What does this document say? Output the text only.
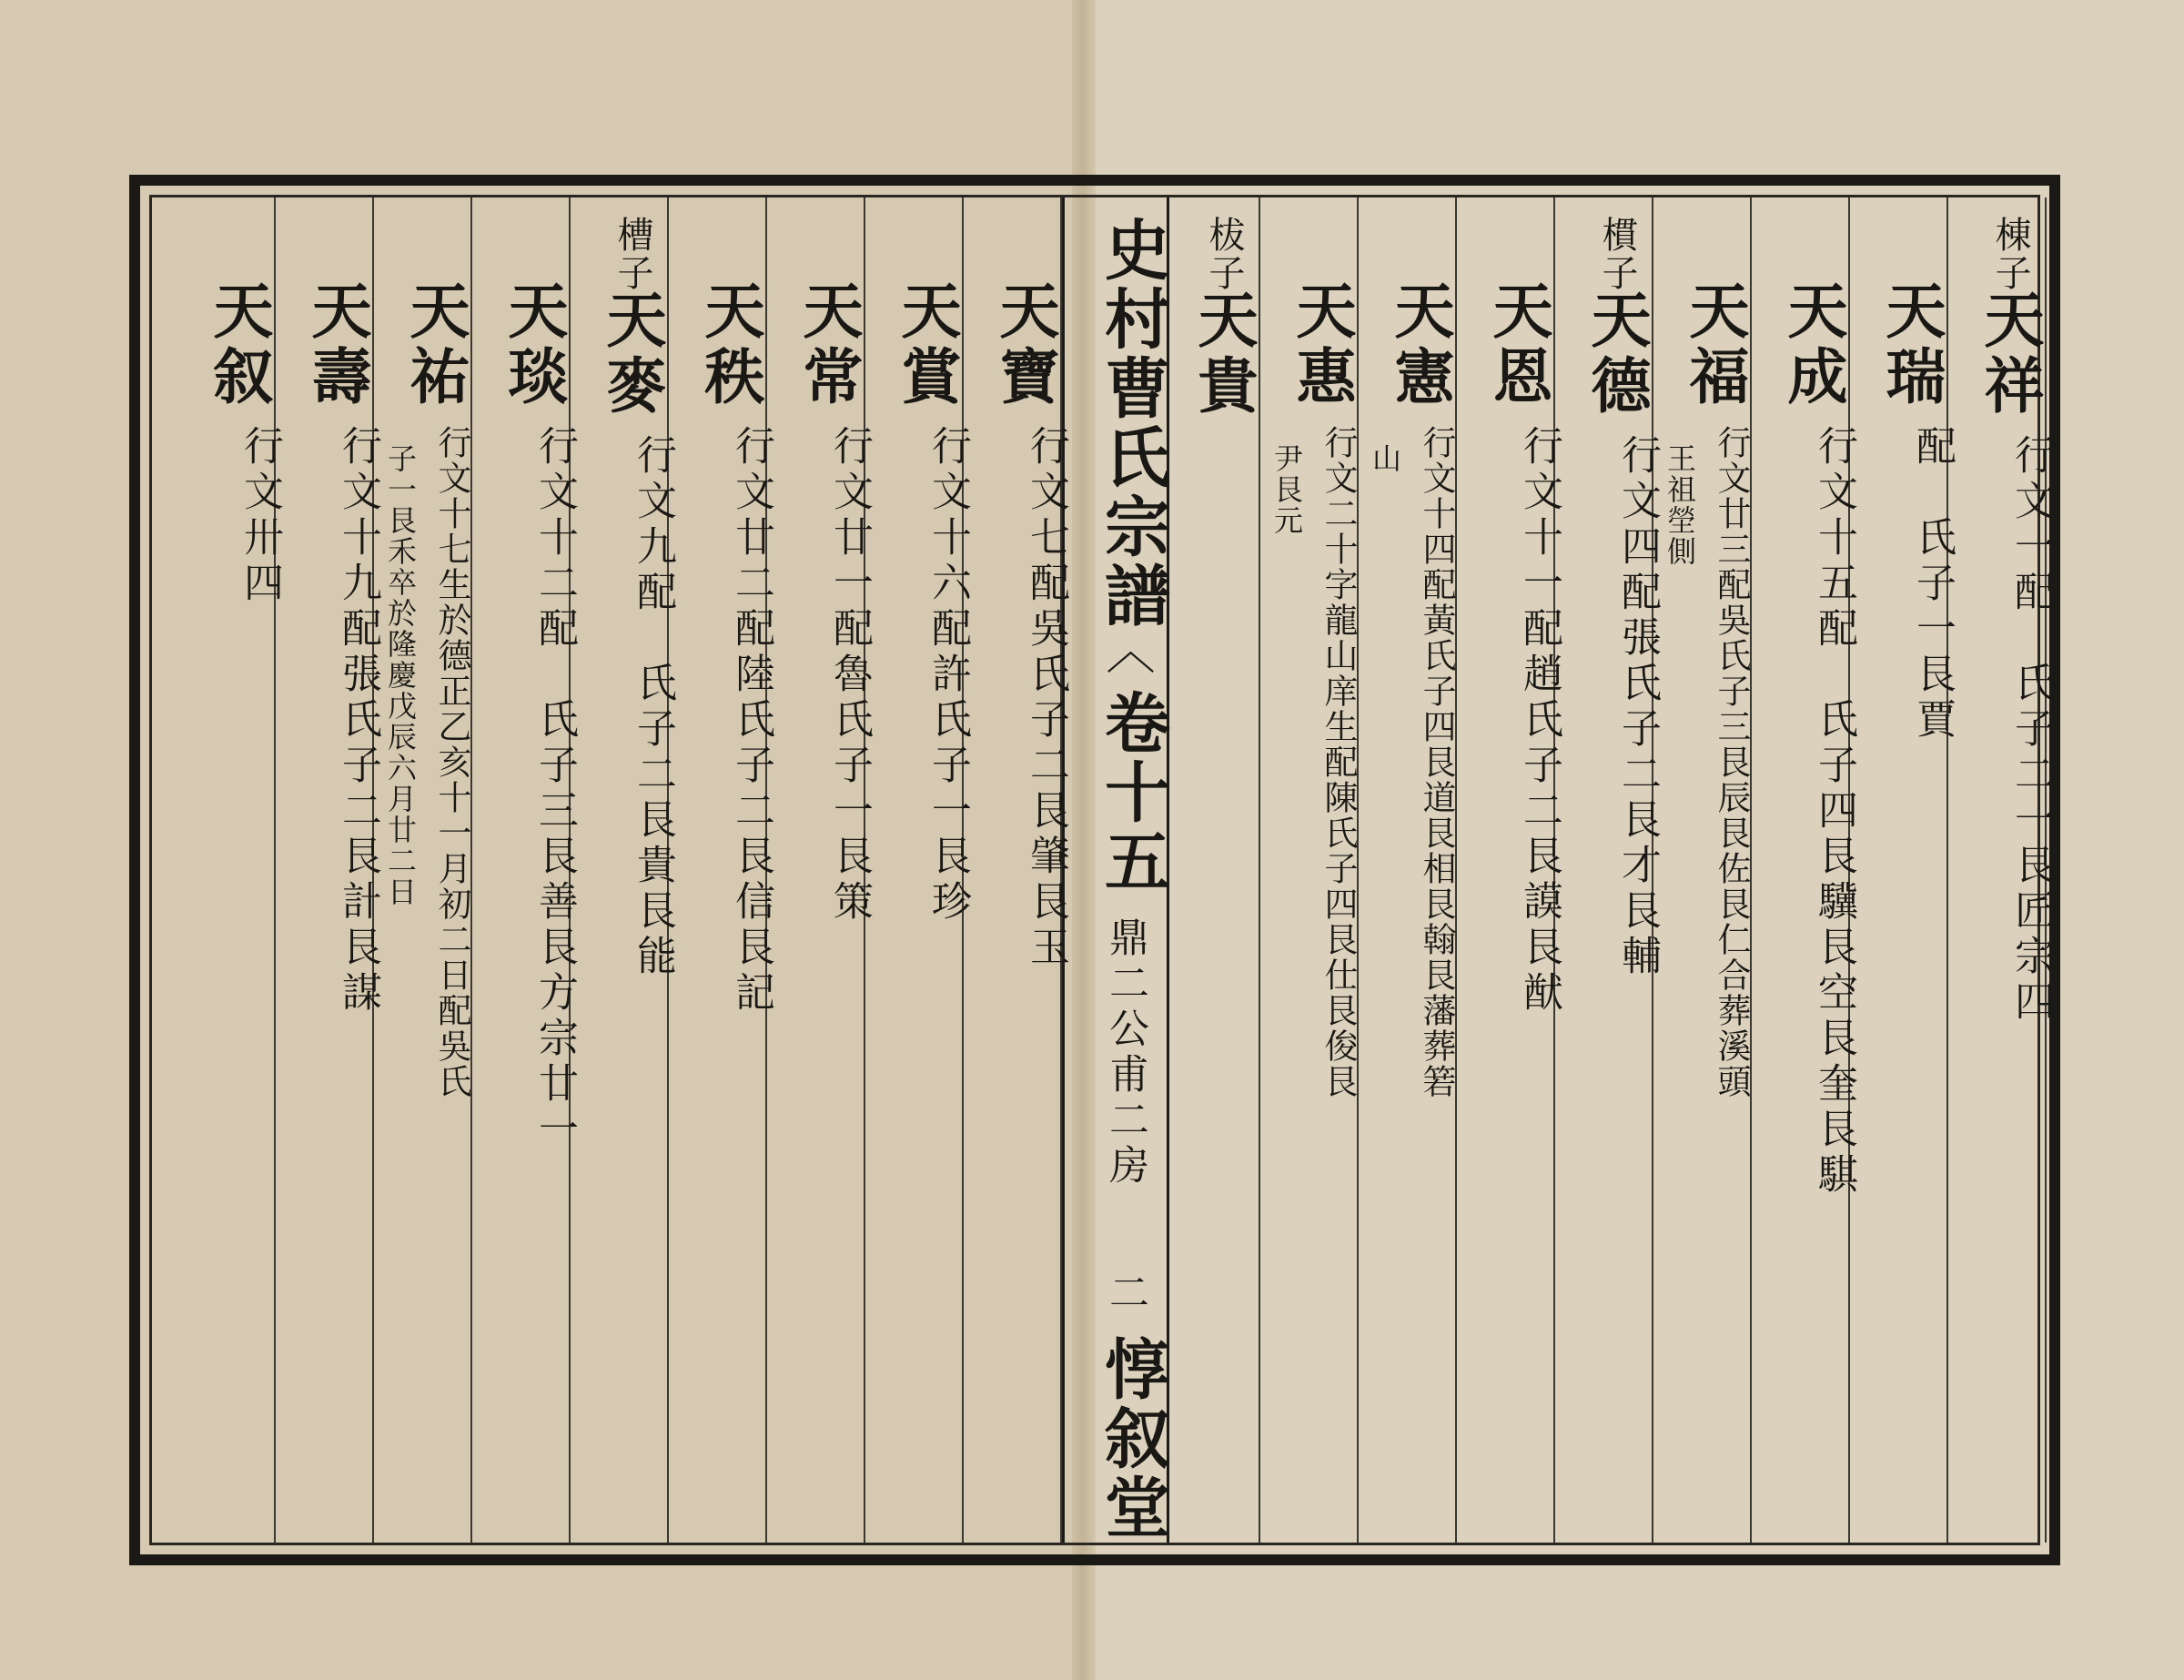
史村曹氏宗譜
︿
卷十五
鼎二公甫二房
二
惇叙堂
棟子
天祥
行文一配　氏子二一艮匠宗四
天瑞
配　氏子一艮賈
天成
行文十五配　氏子四艮驥艮空艮奎艮騏
天福
行文廿三配吳氏子三艮辰艮佐艮仁合葬溪頭
王祖塋側
樌子
天德
行文四配張氏子二艮才艮輔
天恩
行文十一配趙氏子二艮謨艮猷
天憲
行文十四配黃氏子四艮道艮相艮翰艮藩葬箬
山
天惠
行文二十字龍山庠生配陳氏子四艮仕艮俊艮
尹艮元
柭子
天貴
天寶
行文七配吳氏子二艮肇艮玉
天賞
行文十六配許氏子一艮珍
天常
行文廿一配魯氏子一艮策
天秩
行文廿二配陸氏子二艮信艮記
槽子
天麥
行文九配　氏子二艮貴艮能
天琰
行文十二配　氏子三艮善艮方宗廿一
天祐
行文十七生於德正乙亥十一月初二日配吳氏
子一艮禾卒於隆慶戊辰六月廿二日
天壽
行文十九配張氏子二艮計艮謀
天叙
行文卅四
